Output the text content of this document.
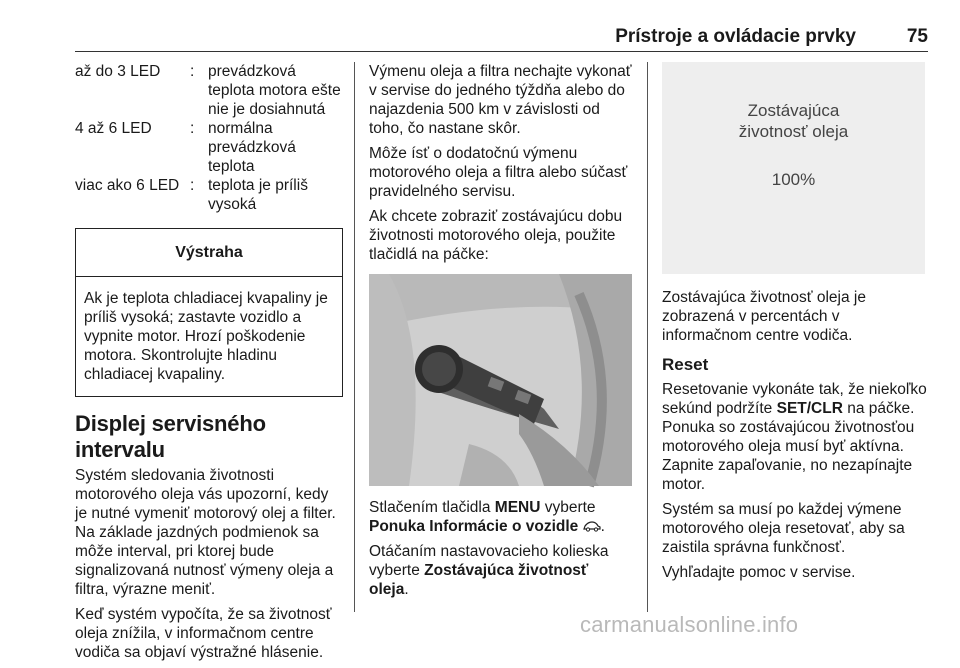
Prístroje a ovládacie prvky	75
až do 3 LED	:	prevádzková teplota motora ešte nie je dosiahnutá
4 až 6 LED	:	normálna prevádzková teplota
viac ako 6 LED	:	teplota je príliš vysoká
Výstraha
Ak je teplota chladiacej kvapaliny je príliš vysoká; zastavte vozidlo a vypnite motor. Hrozí poškodenie motora. Skontrolujte hladinu chladiacej kvapaliny.
Displej servisného intervalu

Systém sledovania životnosti motorového oleja vás upozorní, kedy je nutné vymeniť motorový olej a filter. Na základe jazdných podmienok sa môže interval, pri ktorej bude signalizovaná nutnosť výmeny oleja a filtra, výrazne meniť.

Keď systém vypočíta, že sa životnosť oleja znížila, v informačnom centre vodiča sa objaví výstražné hlásenie.

Výmenu oleja a filtra nechajte vykonať v servise do jedného týždňa alebo do najazdenia 500 km v závislosti od toho, čo nastane skôr.

Môže ísť o dodatočnú výmenu motorového oleja a filtra alebo súčasť pravidelného servisu.

Ak chcete zobraziť zostávajúcu dobu životnosti motorového oleja, použite tlačidlá na páčke:

Stlačením tlačidla MENU vyberte Ponuka Informácie o vozidle .

Otáčaním nastavovacieho kolieska vyberte Zostávajúca životnosť oleja.

Zostávajúca
životnosť oleja
100%

Zostávajúca životnosť oleja je zobrazená v percentách v informačnom centre vodiča.

Reset

Resetovanie vykonáte tak, že niekoľko sekúnd podržíte SET/CLR na páčke. Ponuka so zostávajúcou životnosťou motorového oleja musí byť aktívna. Zapnite zapaľovanie, no nezapínajte motor.

Systém sa musí po každej výmene motorového oleja resetovať, aby sa zaistila správna funkčnosť.

Vyhľadajte pomoc v servise.

carmanualsonline.info
